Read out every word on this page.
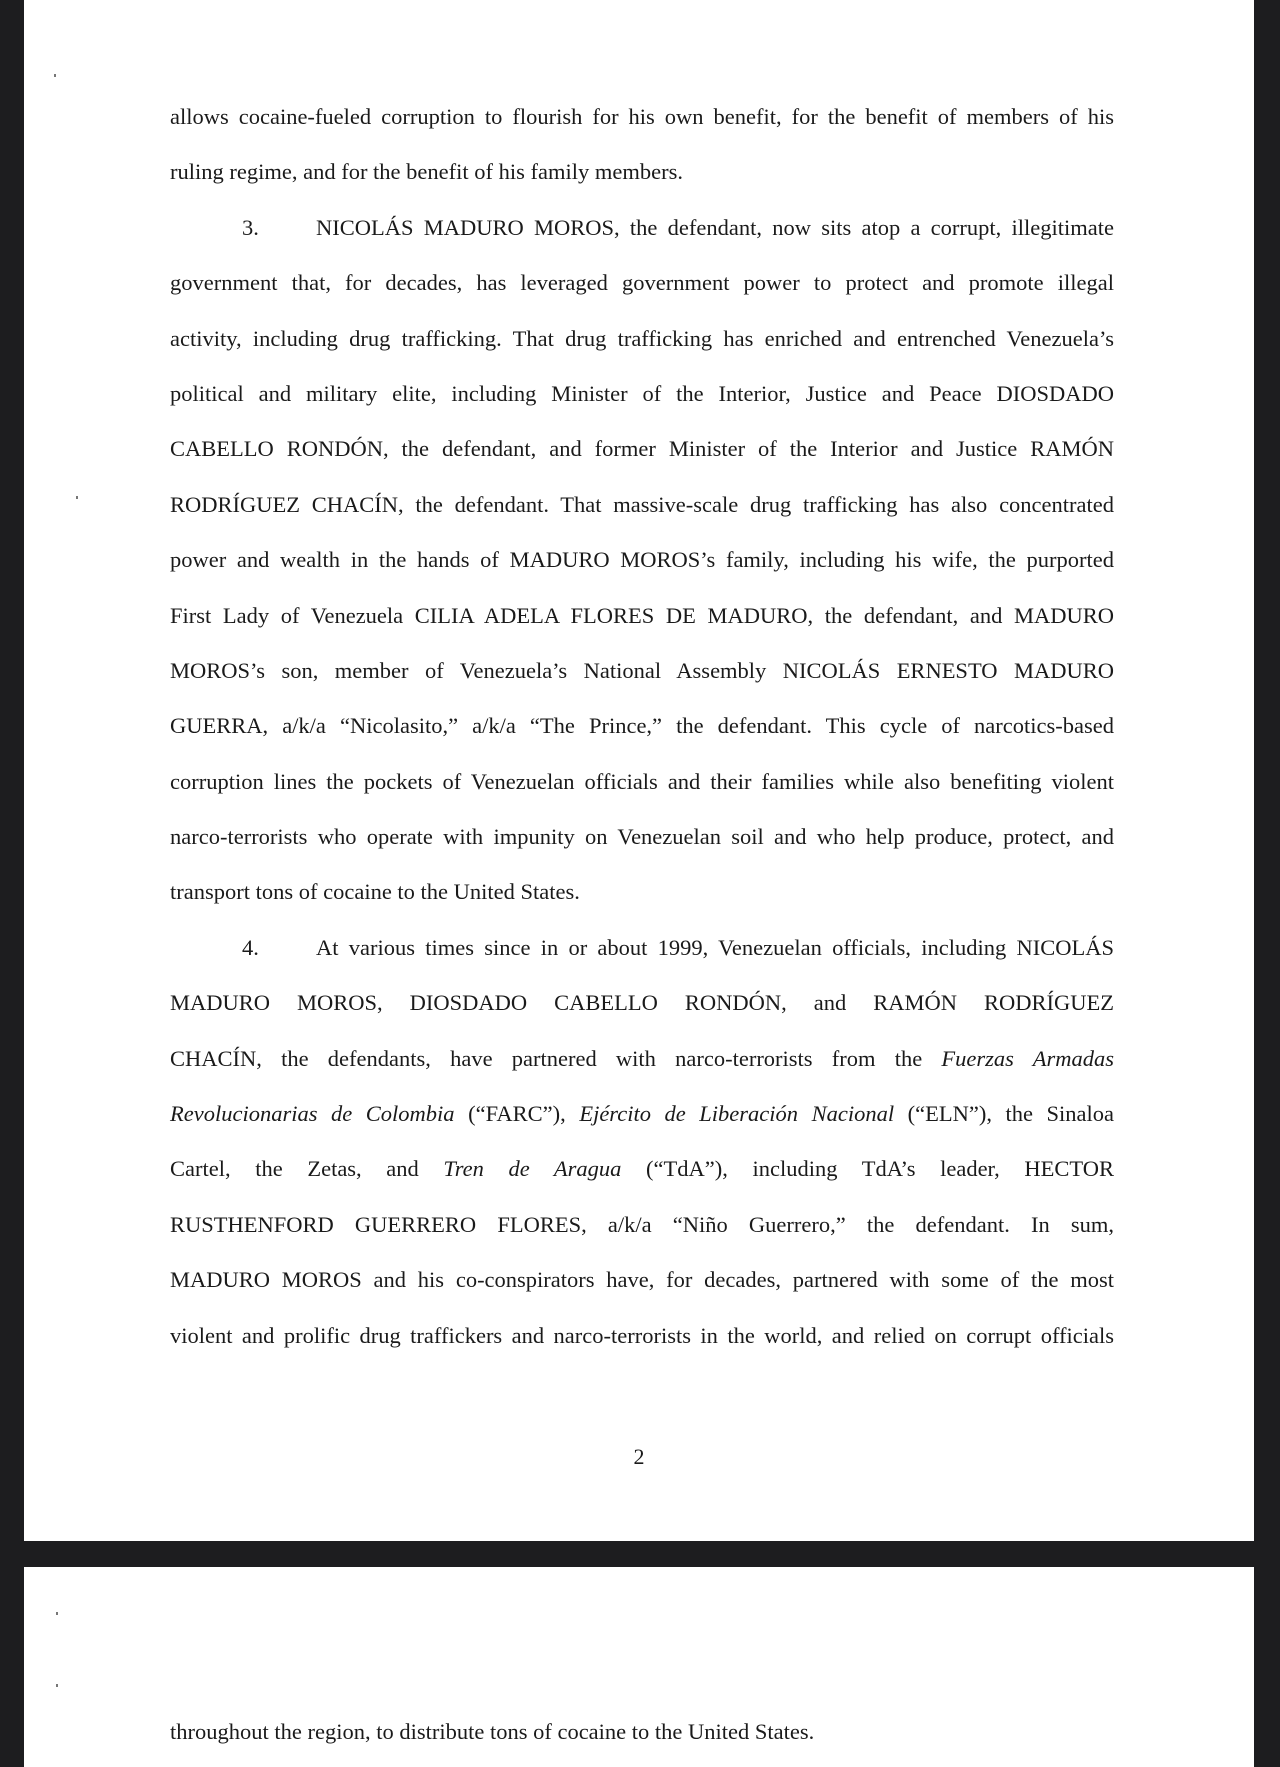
allows cocaine-fueled corruption to flourish for his own benefit, for the benefit of members of his
ruling regime, and for the benefit of his family members.
3.	NICOLÁS MADURO MOROS, the defendant, now sits atop a corrupt, illegitimate
government that, for decades, has leveraged government power to protect and promote illegal
activity, including drug trafficking. That drug trafficking has enriched and entrenched Venezuela’s
political and military elite, including Minister of the Interior, Justice and Peace DIOSDADO
CABELLO RONDÓN, the defendant, and former Minister of the Interior and Justice RAMÓN
RODRÍGUEZ CHACÍN, the defendant. That massive-scale drug trafficking has also concentrated
power and wealth in the hands of MADURO MOROS’s family, including his wife, the purported
First Lady of Venezuela CILIA ADELA FLORES DE MADURO, the defendant, and MADURO
MOROS’s son, member of Venezuela’s National Assembly NICOLÁS ERNESTO MADURO
GUERRA, a/k/a “Nicolasito,” a/k/a “The Prince,” the defendant. This cycle of narcotics-based
corruption lines the pockets of Venezuelan officials and their families while also benefiting violent
narco-terrorists who operate with impunity on Venezuelan soil and who help produce, protect, and
transport tons of cocaine to the United States.
4.	At various times since in or about 1999, Venezuelan officials, including NICOLÁS
MADURO MOROS, DIOSDADO CABELLO RONDÓN, and RAMÓN RODRÍGUEZ
CHACÍN, the defendants, have partnered with narco-terrorists from the Fuerzas Armadas
Revolucionarias de Colombia (“FARC”), Ejército de Liberación Nacional (“ELN”), the Sinaloa
Cartel, the Zetas, and Tren de Aragua (“TdA”), including TdA’s leader, HECTOR
RUSTHENFORD GUERRERO FLORES, a/k/a “Niño Guerrero,” the defendant. In sum,
MADURO MOROS and his co-conspirators have, for decades, partnered with some of the most
violent and prolific drug traffickers and narco-terrorists in the world, and relied on corrupt officials
2
throughout the region, to distribute tons of cocaine to the United States.
